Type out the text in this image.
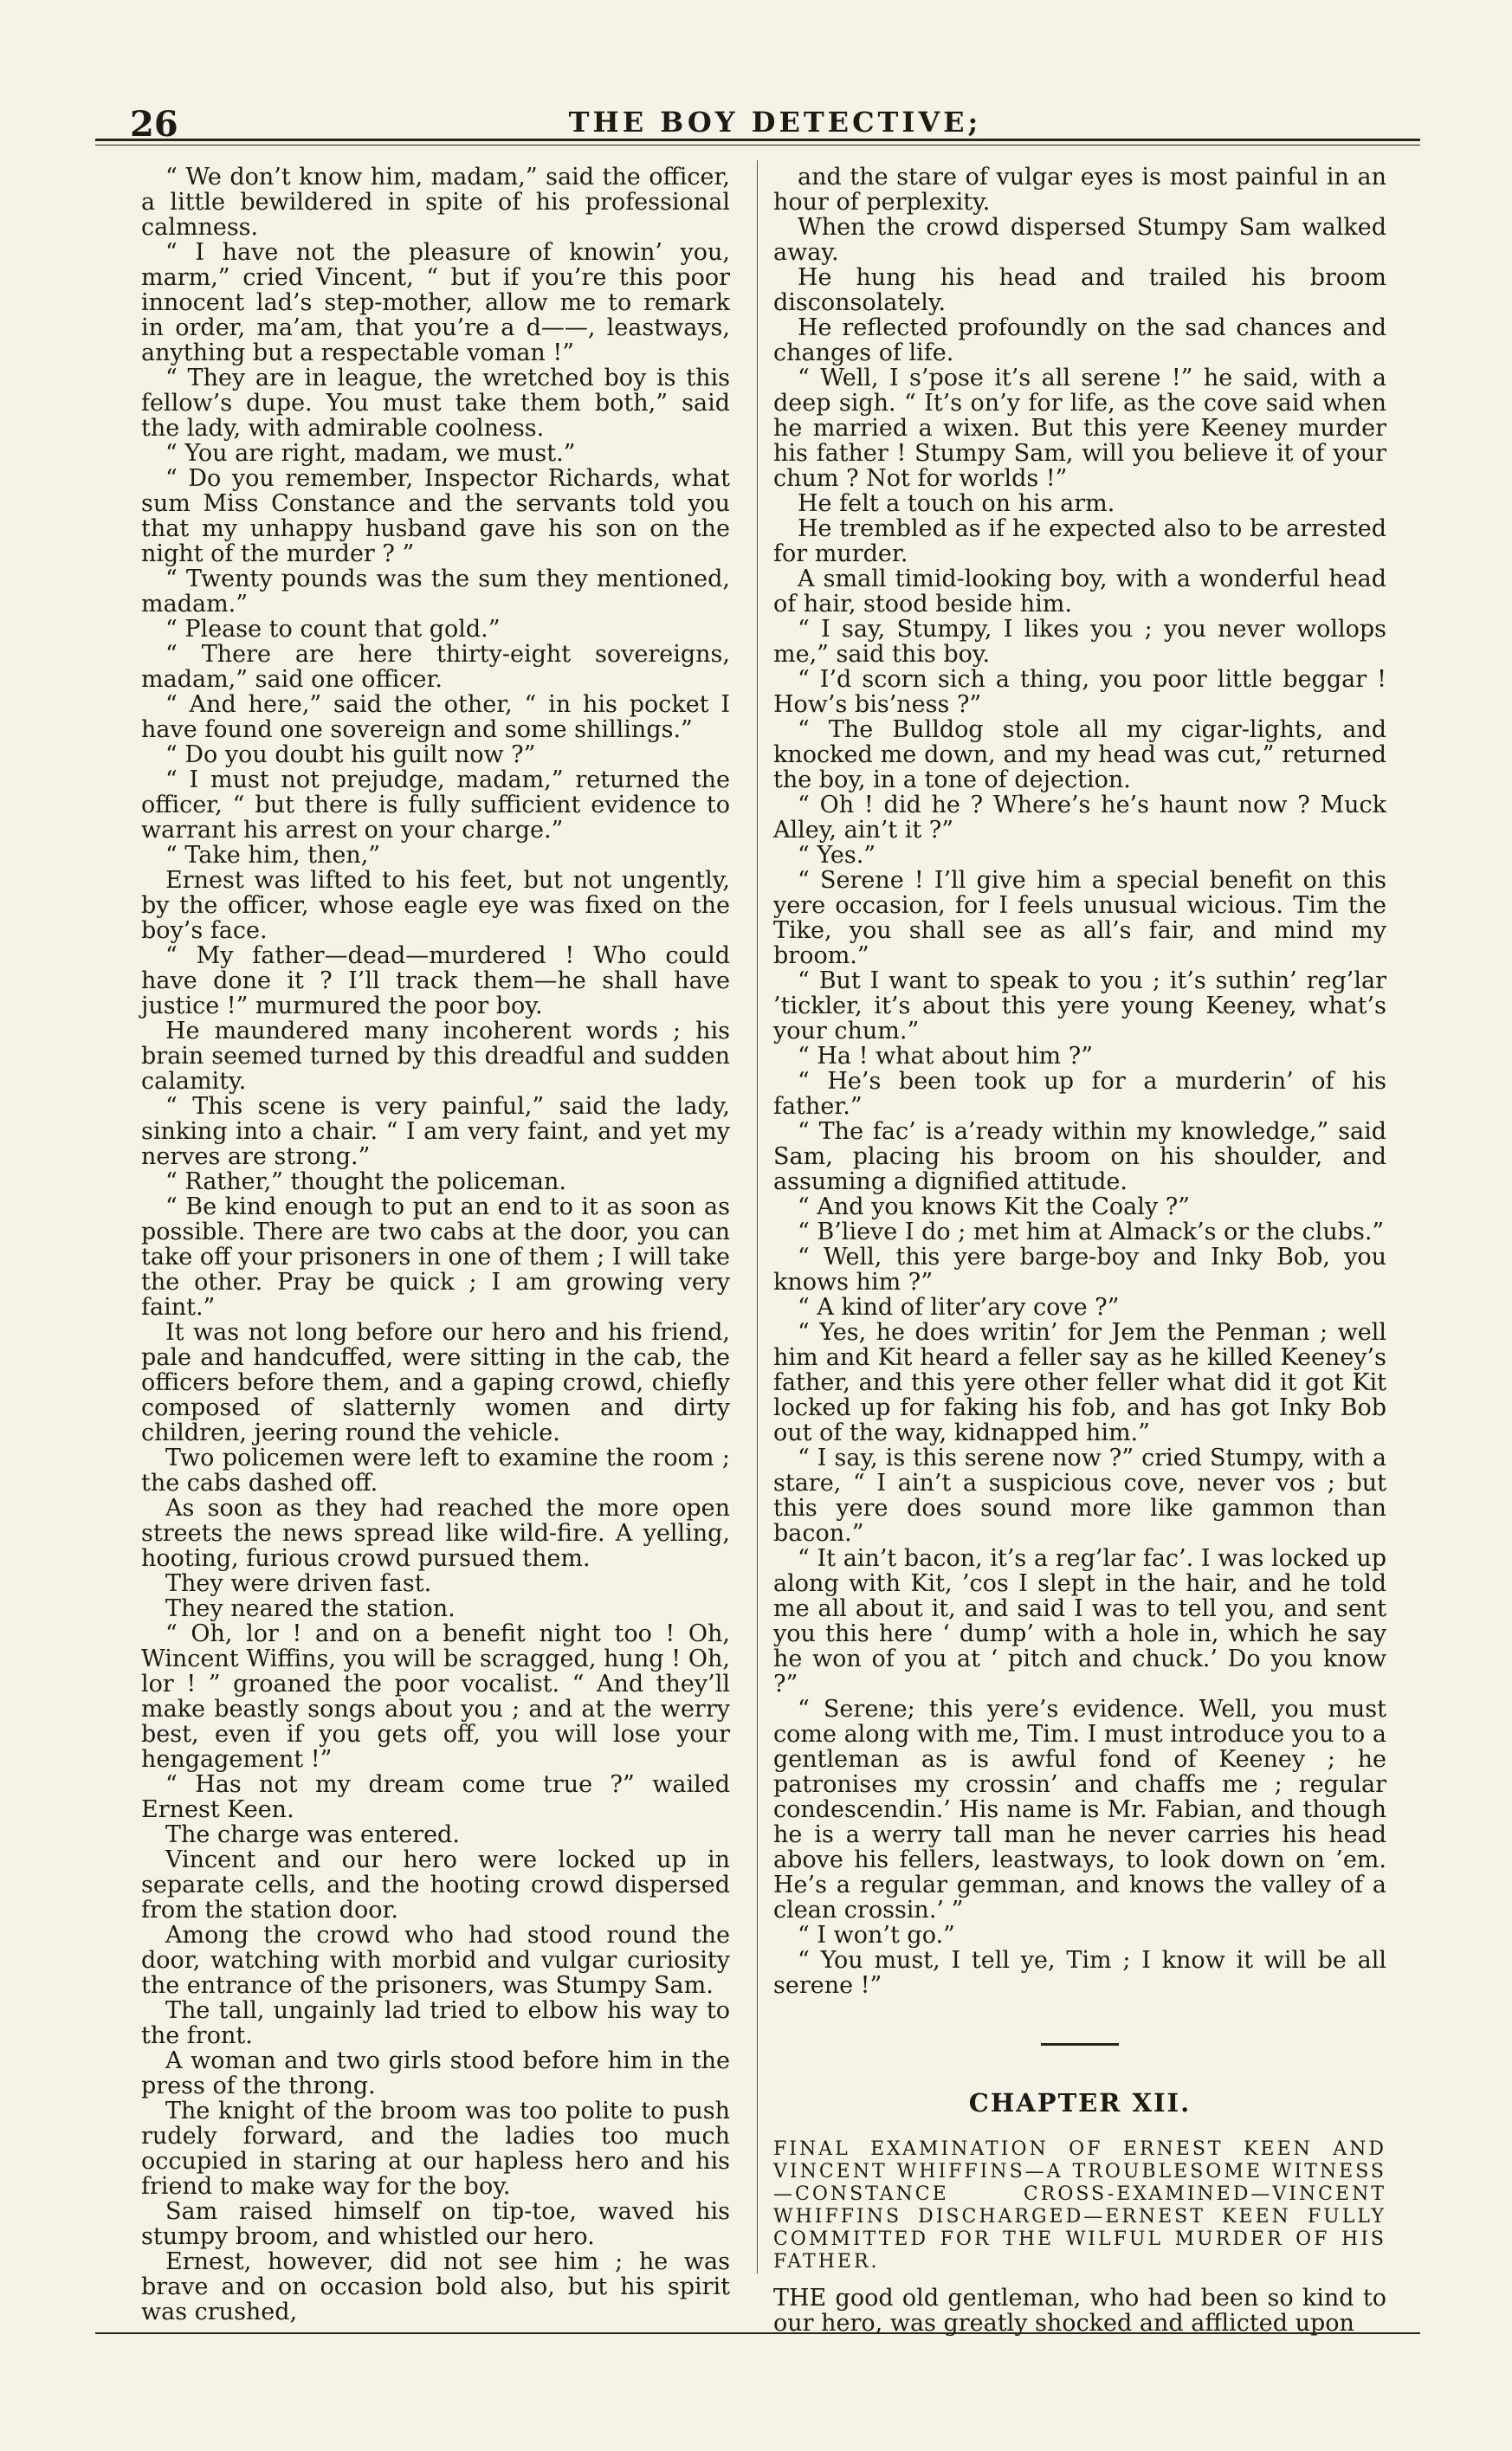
26	THE BOY DETECTIVE;

“ We don’t know him, madam,” said the officer, a little bewildered in spite of his professional calmness.

“ I have not the pleasure of knowin’ you, marm,” cried Vincent, “ but if you’re this poor innocent lad’s step-mother, allow me to remark in order, ma’am, that you’re a d——, leastways, anything but a respectable voman !”

“ They are in league, the wretched boy is this fellow’s dupe. You must take them both,” said the lady, with admirable coolness.

“ You are right, madam, we must.”

“ Do you remember, Inspector Richards, what sum Miss Constance and the servants told you that my unhappy husband gave his son on the night of the murder ? ”

“ Twenty pounds was the sum they mentioned, madam.”

“ Please to count that gold.”

“ There are here thirty-eight sovereigns, madam,” said one officer.

“ And here,” said the other, “ in his pocket I have found one sovereign and some shillings.”

“ Do you doubt his guilt now ?”

“ I must not prejudge, madam,” returned the officer, “ but there is fully sufficient evidence to warrant his arrest on your charge.”

“ Take him, then,”

Ernest was lifted to his feet, but not ungently, by the officer, whose eagle eye was fixed on the boy’s face.

“ My father—dead—murdered ! Who could have done it ? I’ll track them—he shall have justice !” murmured the poor boy.

He maundered many incoherent words ; his brain seemed turned by this dreadful and sudden calamity.

“ This scene is very painful,” said the lady, sinking into a chair. “ I am very faint, and yet my nerves are strong.”

“ Rather,” thought the policeman.

“ Be kind enough to put an end to it as soon as possible. There are two cabs at the door, you can take off your prisoners in one of them ; I will take the other. Pray be quick ; I am growing very faint.”

It was not long before our hero and his friend, pale and handcuffed, were sitting in the cab, the officers before them, and a gaping crowd, chiefly composed of slatternly women and dirty children, jeering round the vehicle.

Two policemen were left to examine the room ; the cabs dashed off.

As soon as they had reached the more open streets the news spread like wild-fire. A yelling, hooting, furious crowd pursued them.

They were driven fast.

They neared the station.

“ Oh, lor ! and on a benefit night too ! Oh, Wincent Wiffins, you will be scragged, hung ! Oh, lor ! ” groaned the poor vocalist. “ And they’ll make beastly songs about you ; and at the werry best, even if you gets off, you will lose your hengagement !”

“ Has not my dream come true ?” wailed Ernest Keen.

The charge was entered.

Vincent and our hero were locked up in separate cells, and the hooting crowd dispersed from the station door.

Among the crowd who had stood round the door, watching with morbid and vulgar curiosity the entrance of the prisoners, was Stumpy Sam.

The tall, ungainly lad tried to elbow his way to the front.

A woman and two girls stood before him in the press of the throng.

The knight of the broom was too polite to push rudely forward, and the ladies too much occupied in staring at our hapless hero and his friend to make way for the boy.

Sam raised himself on tip-toe, waved his stumpy broom, and whistled our hero.

Ernest, however, did not see him ; he was brave and on occasion bold also, but his spirit was crushed,

and the stare of vulgar eyes is most painful in an hour of perplexity.

When the crowd dispersed Stumpy Sam walked away.

He hung his head and trailed his broom disconsolately.

He reflected profoundly on the sad chances and changes of life.

“ Well, I s’pose it’s all serene !” he said, with a deep sigh. “ It’s on’y for life, as the cove said when he married a wixen. But this yere Keeney murder his father ! Stumpy Sam, will you believe it of your chum ? Not for worlds !”

He felt a touch on his arm.

He trembled as if he expected also to be arrested for murder.

A small timid-looking boy, with a wonderful head of hair, stood beside him.

“ I say, Stumpy, I likes you ; you never wollops me,” said this boy.

“ I’d scorn sich a thing, you poor little beggar ! How’s bis’ness ?”

“ The Bulldog stole all my cigar-lights, and knocked me down, and my head was cut,” returned the boy, in a tone of dejection.

“ Oh ! did he ? Where’s he’s haunt now ? Muck Alley, ain’t it ?”

“ Yes.”

“ Serene ! I’ll give him a special benefit on this yere occasion, for I feels unusual wicious. Tim the Tike, you shall see as all’s fair, and mind my broom.”

“ But I want to speak to you ; it’s suthin’ reg’lar ’tickler, it’s about this yere young Keeney, what’s your chum.”

“ Ha ! what about him ?”

“ He’s been took up for a murderin’ of his father.”

“ The fac’ is a’ready within my knowledge,” said Sam, placing his broom on his shoulder, and assuming a dignified attitude.

“ And you knows Kit the Coaly ?”

“ B’lieve I do ; met him at Almack’s or the clubs.”

“ Well, this yere barge-boy and Inky Bob, you knows him ?”

“ A kind of liter’ary cove ?”

“ Yes, he does writin’ for Jem the Penman ; well him and Kit heard a feller say as he killed Keeney’s father, and this yere other feller what did it got Kit locked up for faking his fob, and has got Inky Bob out of the way, kidnapped him.”

“ I say, is this serene now ?” cried Stumpy, with a stare, “ I ain’t a suspicious cove, never vos ; but this yere does sound more like gammon than bacon.”

“ It ain’t bacon, it’s a reg’lar fac’. I was locked up along with Kit, ’cos I slept in the hair, and he told me all about it, and said I was to tell you, and sent you this here ‘ dump’ with a hole in, which he say he won of you at ‘ pitch and chuck.’ Do you know ?”

“ Serene; this yere’s evidence. Well, you must come along with me, Tim. I must introduce you to a gentleman as is awful fond of Keeney ; he patronises my crossin’ and chaffs me ; regular condescendin.’ His name is Mr. Fabian, and though he is a werry tall man he never carries his head above his fellers, leastways, to look down on ’em. He’s a regular gemman, and knows the valley of a clean crossin.’ ”

“ I won’t go.”

“ You must, I tell ye, Tim ; I know it will be all serene !”

CHAPTER XII.
FINAL EXAMINATION OF ERNEST KEEN AND VINCENT WHIFFINS—A TROUBLESOME WITNESS—CONSTANCE CROSS-EXAMINED—VINCENT WHIFFINS DISCHARGED—ERNEST KEEN FULLY COMMITTED FOR THE WILFUL MURDER OF HIS FATHER.

THE good old gentleman, who had been so kind to our hero, was greatly shocked and afflicted upon
